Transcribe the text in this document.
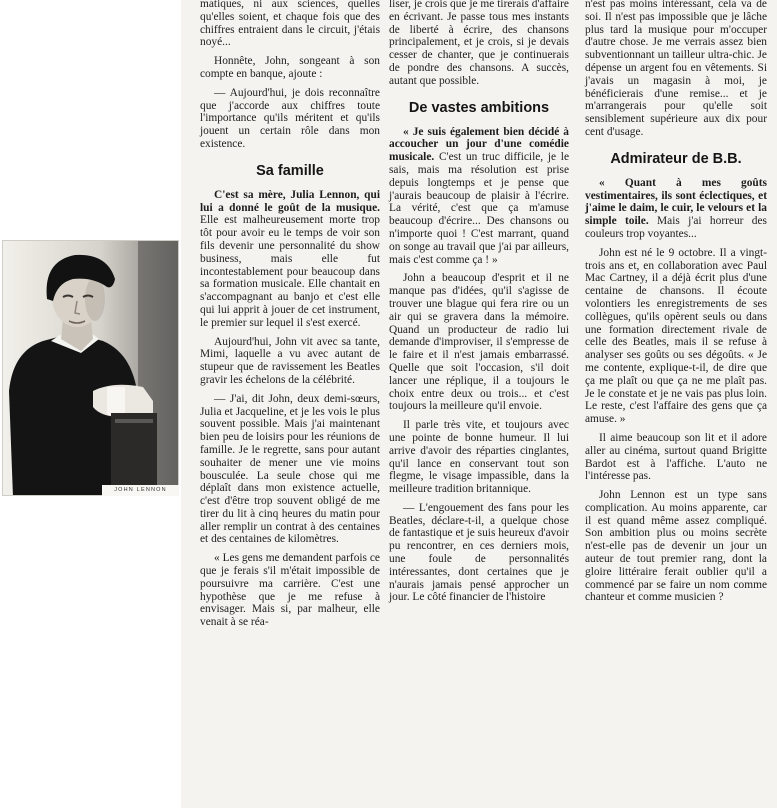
JOHN LENNON

matiques, ni aux sciences, quelles qu'elles soient, et chaque fois que des chiffres entraient dans le circuit, j'étais noyé...

Honnête, John, songeant à son compte en banque, ajoute :

— Aujourd'hui, je dois reconnaître que j'accorde aux chiffres toute l'importance qu'ils méritent et qu'ils jouent un certain rôle dans mon existence.

Sa famille

C'est sa mère, Julia Lennon, qui lui a donné le goût de la musique. Elle est malheureusement morte trop tôt pour avoir eu le temps de voir son fils devenir une personnalité du show business, mais elle fut incontestablement pour beaucoup dans sa formation musicale. Elle chantait en s'accompagnant au banjo et c'est elle qui lui apprit à jouer de cet instrument, le premier sur lequel il s'est exercé.

Aujourd'hui, John vit avec sa tante, Mimi, laquelle a vu avec autant de stupeur que de ravissement les Beatles gravir les échelons de la célébrité.

— J'ai, dit John, deux demi-sœurs, Julia et Jacqueline, et je les vois le plus souvent possible. Mais j'ai maintenant bien peu de loisirs pour les réunions de famille. Je le regrette, sans pour autant souhaiter de mener une vie moins bousculée. La seule chose qui me déplaît dans mon existence actuelle, c'est d'être trop souvent obligé de me tirer du lit à cinq heures du matin pour aller remplir un contrat à des centaines et des centaines de kilomètres.

« Les gens me demandent parfois ce que je ferais s'il m'était impossible de poursuivre ma carrière. C'est une hypothèse que je me refuse à envisager. Mais si, par malheur, elle venait à se réa-

liser, je crois que je me tirerais d'affaire en écrivant. Je passe tous mes instants de liberté à écrire, des chansons principalement, et je crois, si je devais cesser de chanter, que je continuerais de pondre des chansons. A succès, autant que possible.

De vastes ambitions

« Je suis également bien décidé à accoucher un jour d'une comédie musicale. C'est un truc difficile, je le sais, mais ma résolution est prise depuis longtemps et je pense que j'aurais beaucoup de plaisir à l'écrire. La vérité, c'est que ça m'amuse beaucoup d'écrire... Des chansons ou n'importe quoi ! C'est marrant, quand on songe au travail que j'ai par ailleurs, mais c'est comme ça ! »

John a beaucoup d'esprit et il ne manque pas d'idées, qu'il s'agisse de trouver une blague qui fera rire ou un air qui se gravera dans la mémoire. Quand un producteur de radio lui demande d'improviser, il s'empresse de le faire et il n'est jamais embarrassé. Quelle que soit l'occasion, s'il doit lancer une réplique, il a toujours le choix entre deux ou trois... et c'est toujours la meilleure qu'il envoie.

Il parle très vite, et toujours avec une pointe de bonne humeur. Il lui arrive d'avoir des réparties cinglantes, qu'il lance en conservant tout son flegme, le visage impassible, dans la meilleure tradition britannique.

— L'engouement des fans pour les Beatles, déclare-t-il, a quelque chose de fantastique et je suis heureux d'avoir pu rencontrer, en ces derniers mois, une foule de personnalités intéressantes, dont certaines que je n'aurais jamais pensé approcher un jour. Le côté financier de l'histoire

n'est pas moins intéressant, cela va de soi. Il n'est pas impossible que je lâche plus tard la musique pour m'occuper d'autre chose. Je me verrais assez bien subventionnant un tailleur ultra-chic. Je dépense un argent fou en vêtements. Si j'avais un magasin à moi, je bénéficierais d'une remise... et je m'arrangerais pour qu'elle soit sensiblement supérieure aux dix pour cent d'usage.

Admirateur de B.B.

« Quant à mes goûts vestimentaires, ils sont éclectiques, et j'aime le daim, le cuir, le velours et la simple toile. Mais j'ai horreur des couleurs trop voyantes...

John est né le 9 octobre. Il a vingt-trois ans et, en collaboration avec Paul Mac Cartney, il a déjà écrit plus d'une centaine de chansons. Il écoute volontiers les enregistrements de ses collègues, qu'ils opèrent seuls ou dans une formation directement rivale de celle des Beatles, mais il se refuse à analyser ses goûts ou ses dégoûts. « Je me contente, explique-t-il, de dire que ça me plaît ou que ça ne me plaît pas. Je le constate et je ne vais pas plus loin. Le reste, c'est l'affaire des gens que ça amuse. »

Il aime beaucoup son lit et il adore aller au cinéma, surtout quand Brigitte Bardot est à l'affiche. L'auto ne l'intéresse pas.

John Lennon est un type sans complication. Au moins apparente, car il est quand même assez compliqué. Son ambition plus ou moins secrète n'est-elle pas de devenir un jour un auteur de tout premier rang, dont la gloire littéraire ferait oublier qu'il a commencé par se faire un nom comme chanteur et comme musicien ?
